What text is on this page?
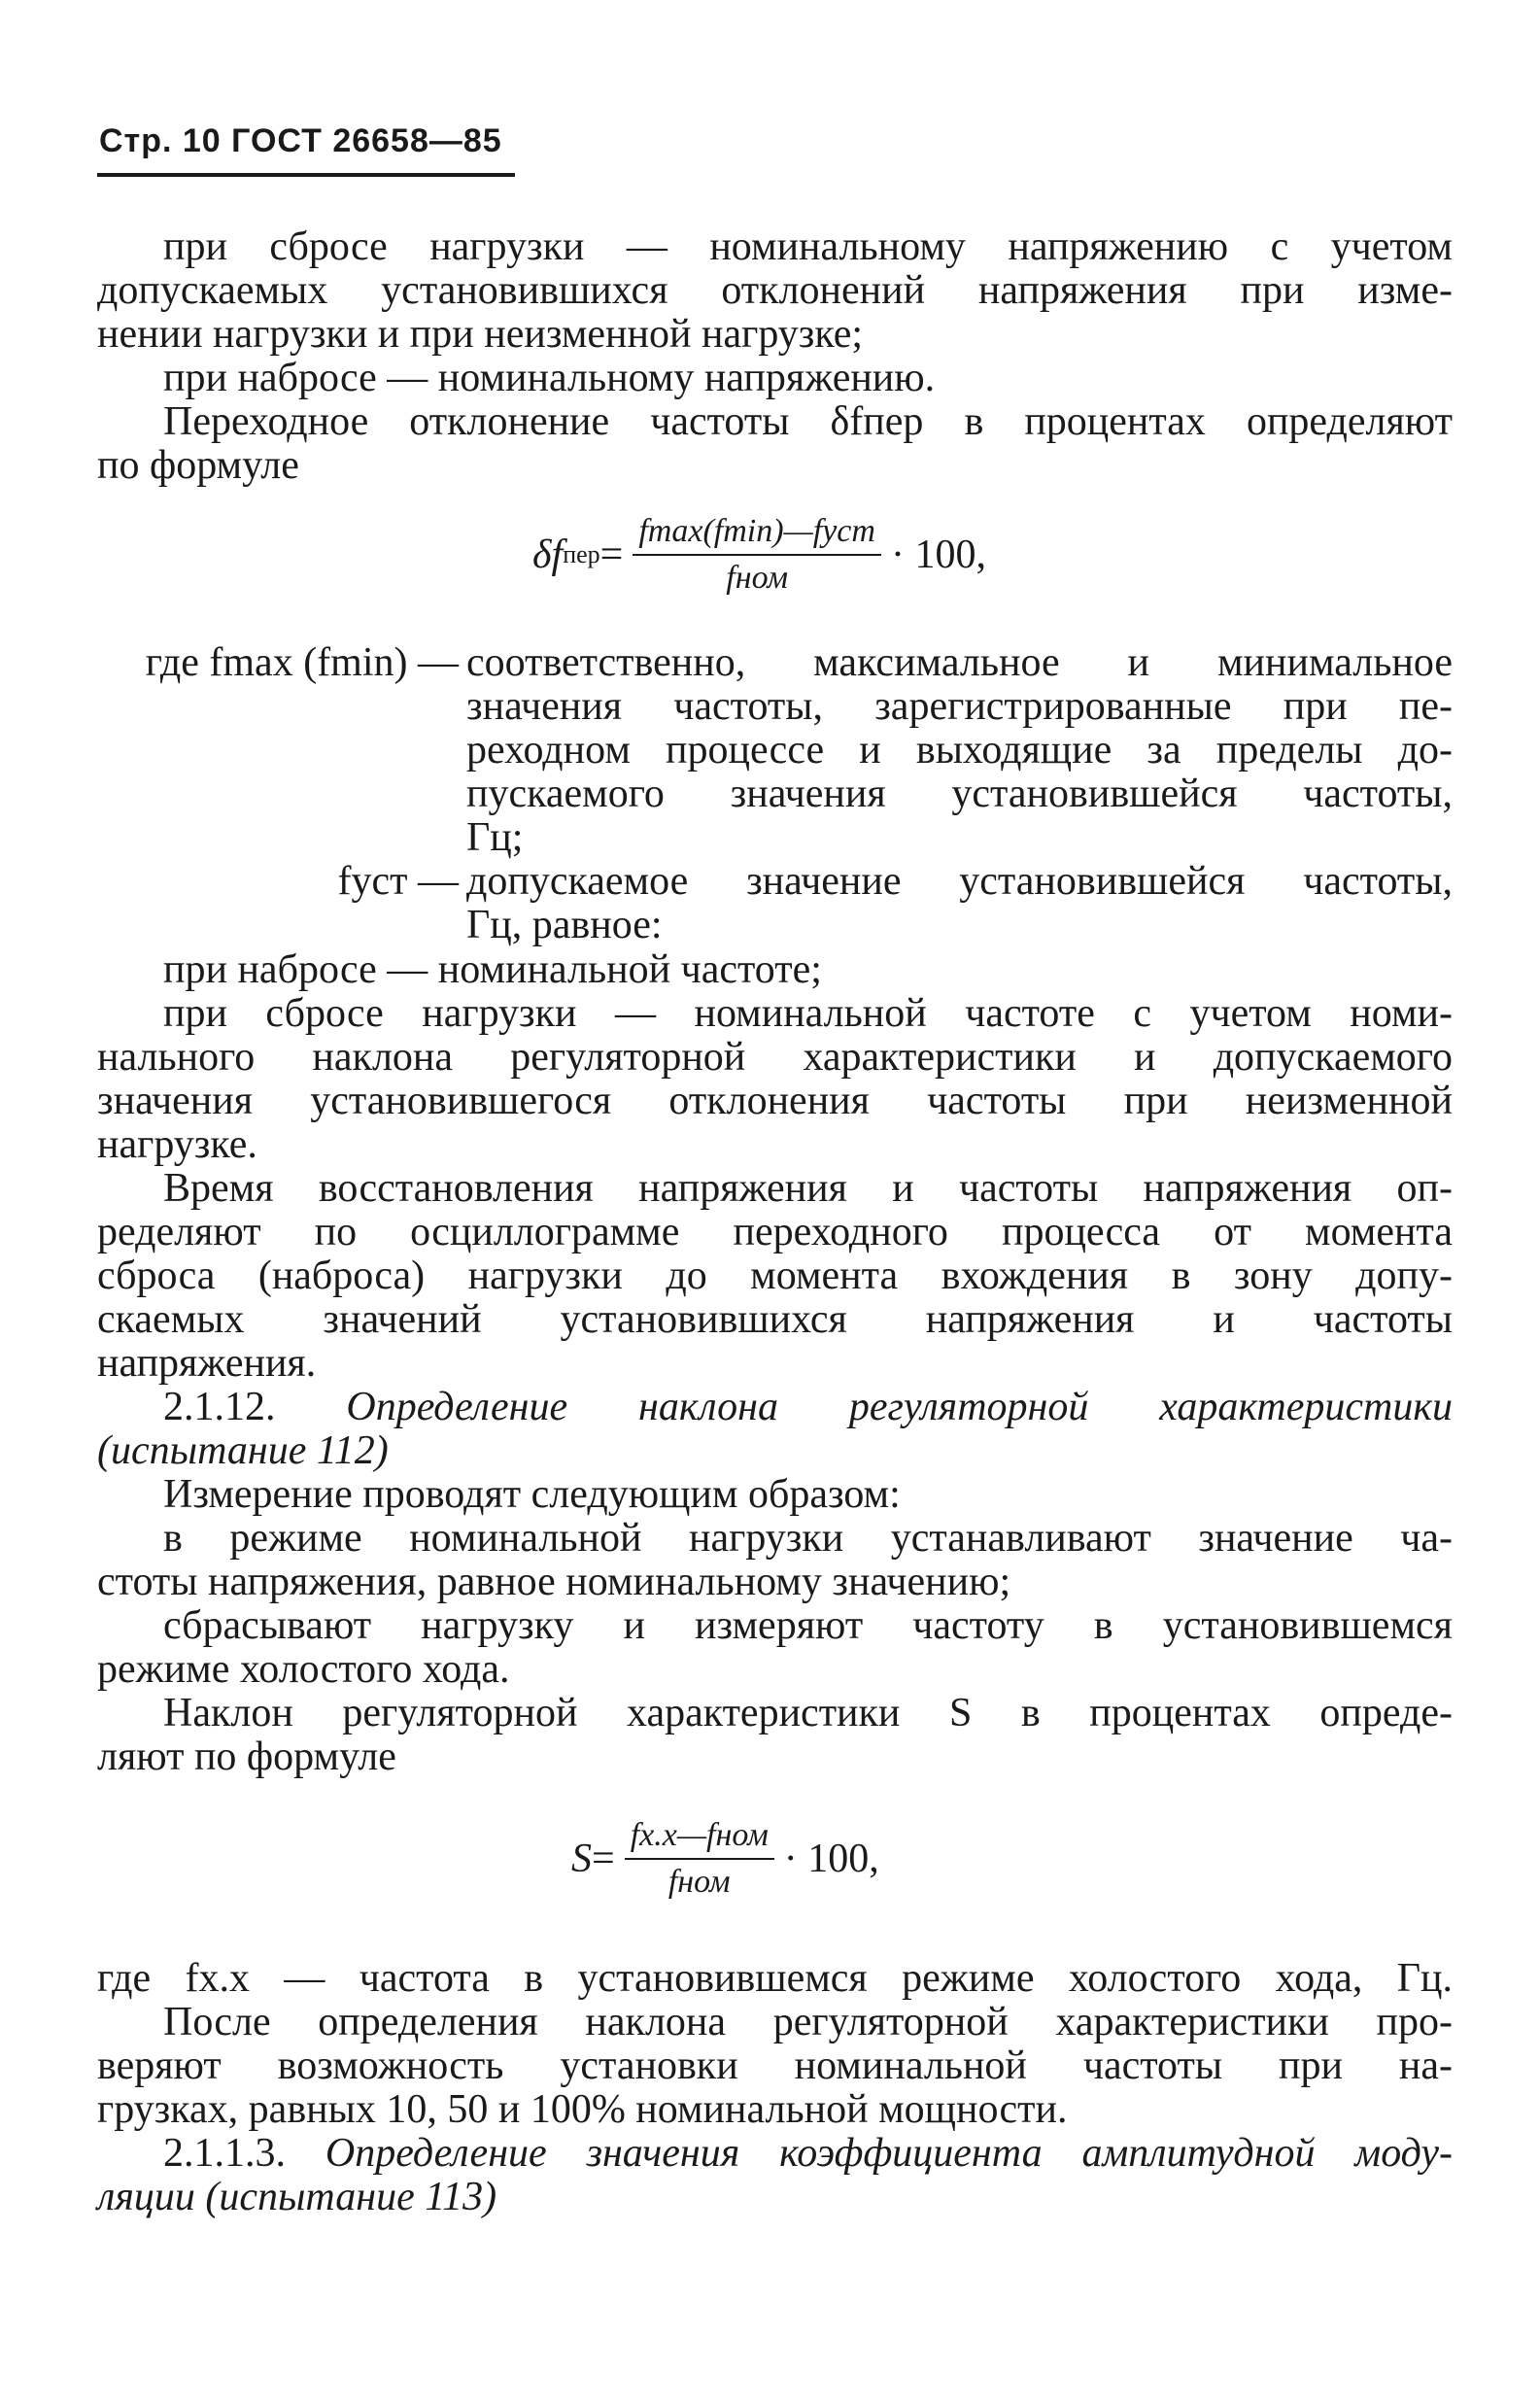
Стр. 10 ГОСТ 26658—85

при сбросе нагрузки — номинальному напряжению с учетом

допускаемых установившихся отклонений напряжения при изме-

нении нагрузки и при неизменной нагрузке;

при набросе — номинальному напряжению.

Переходное отклонение частоты δfпер в процентах определяют

по формуле

δf пер = $\frac{\text{fmax(fmin)—fуст}}{\text{fном}} \cdot 100$,
где fmax (fmin) — соответственно, максимальное и минимальное
значения частоты, зарегистрированные при пе-
реходном процессе и выходящие за пределы до-
пускаемого значения установившейся частоты,
Гц;
fуст — допускаемое значение установившейся частоты,
Гц, равное:

при набросе — номинальной частоте;

при сбросе нагрузки — номинальной частоте с учетом номи-

нального наклона регуляторной характеристики и допускаемого

значения установившегося отклонения частоты при неизменной

нагрузке.

Время восстановления напряжения и частоты напряжения оп-

ределяют по осциллограмме переходного процесса от момента

сброса (наброса) нагрузки до момента вхождения в зону допу-

скаемых значений установившихся напряжения и частоты

напряжения.

2.1.12. Определение наклона регуляторной характеристики

(испытание 112)

Измерение проводят следующим образом:

в режиме номинальной нагрузки устанавливают значение ча-

стоты напряжения, равное номинальному значению;

сбрасывают нагрузку и измеряют частоту в установившемся

режиме холостого хода.

Наклон регуляторной характеристики S в процентах опреде-

ляют по формуле

$S = \frac{\text{fх.х—fном}}{\text{fном}} \cdot 100$,

где fх.х — частота в установившемся режиме холостого хода, Гц.

После определения наклона регуляторной характеристики про-

веряют возможность установки номинальной частоты при на-

грузках, равных 10, 50 и 100% номинальной мощности.

2.1.1.3. Определение значения коэффициента амплитудной моду-

ляции (испытание 113)
